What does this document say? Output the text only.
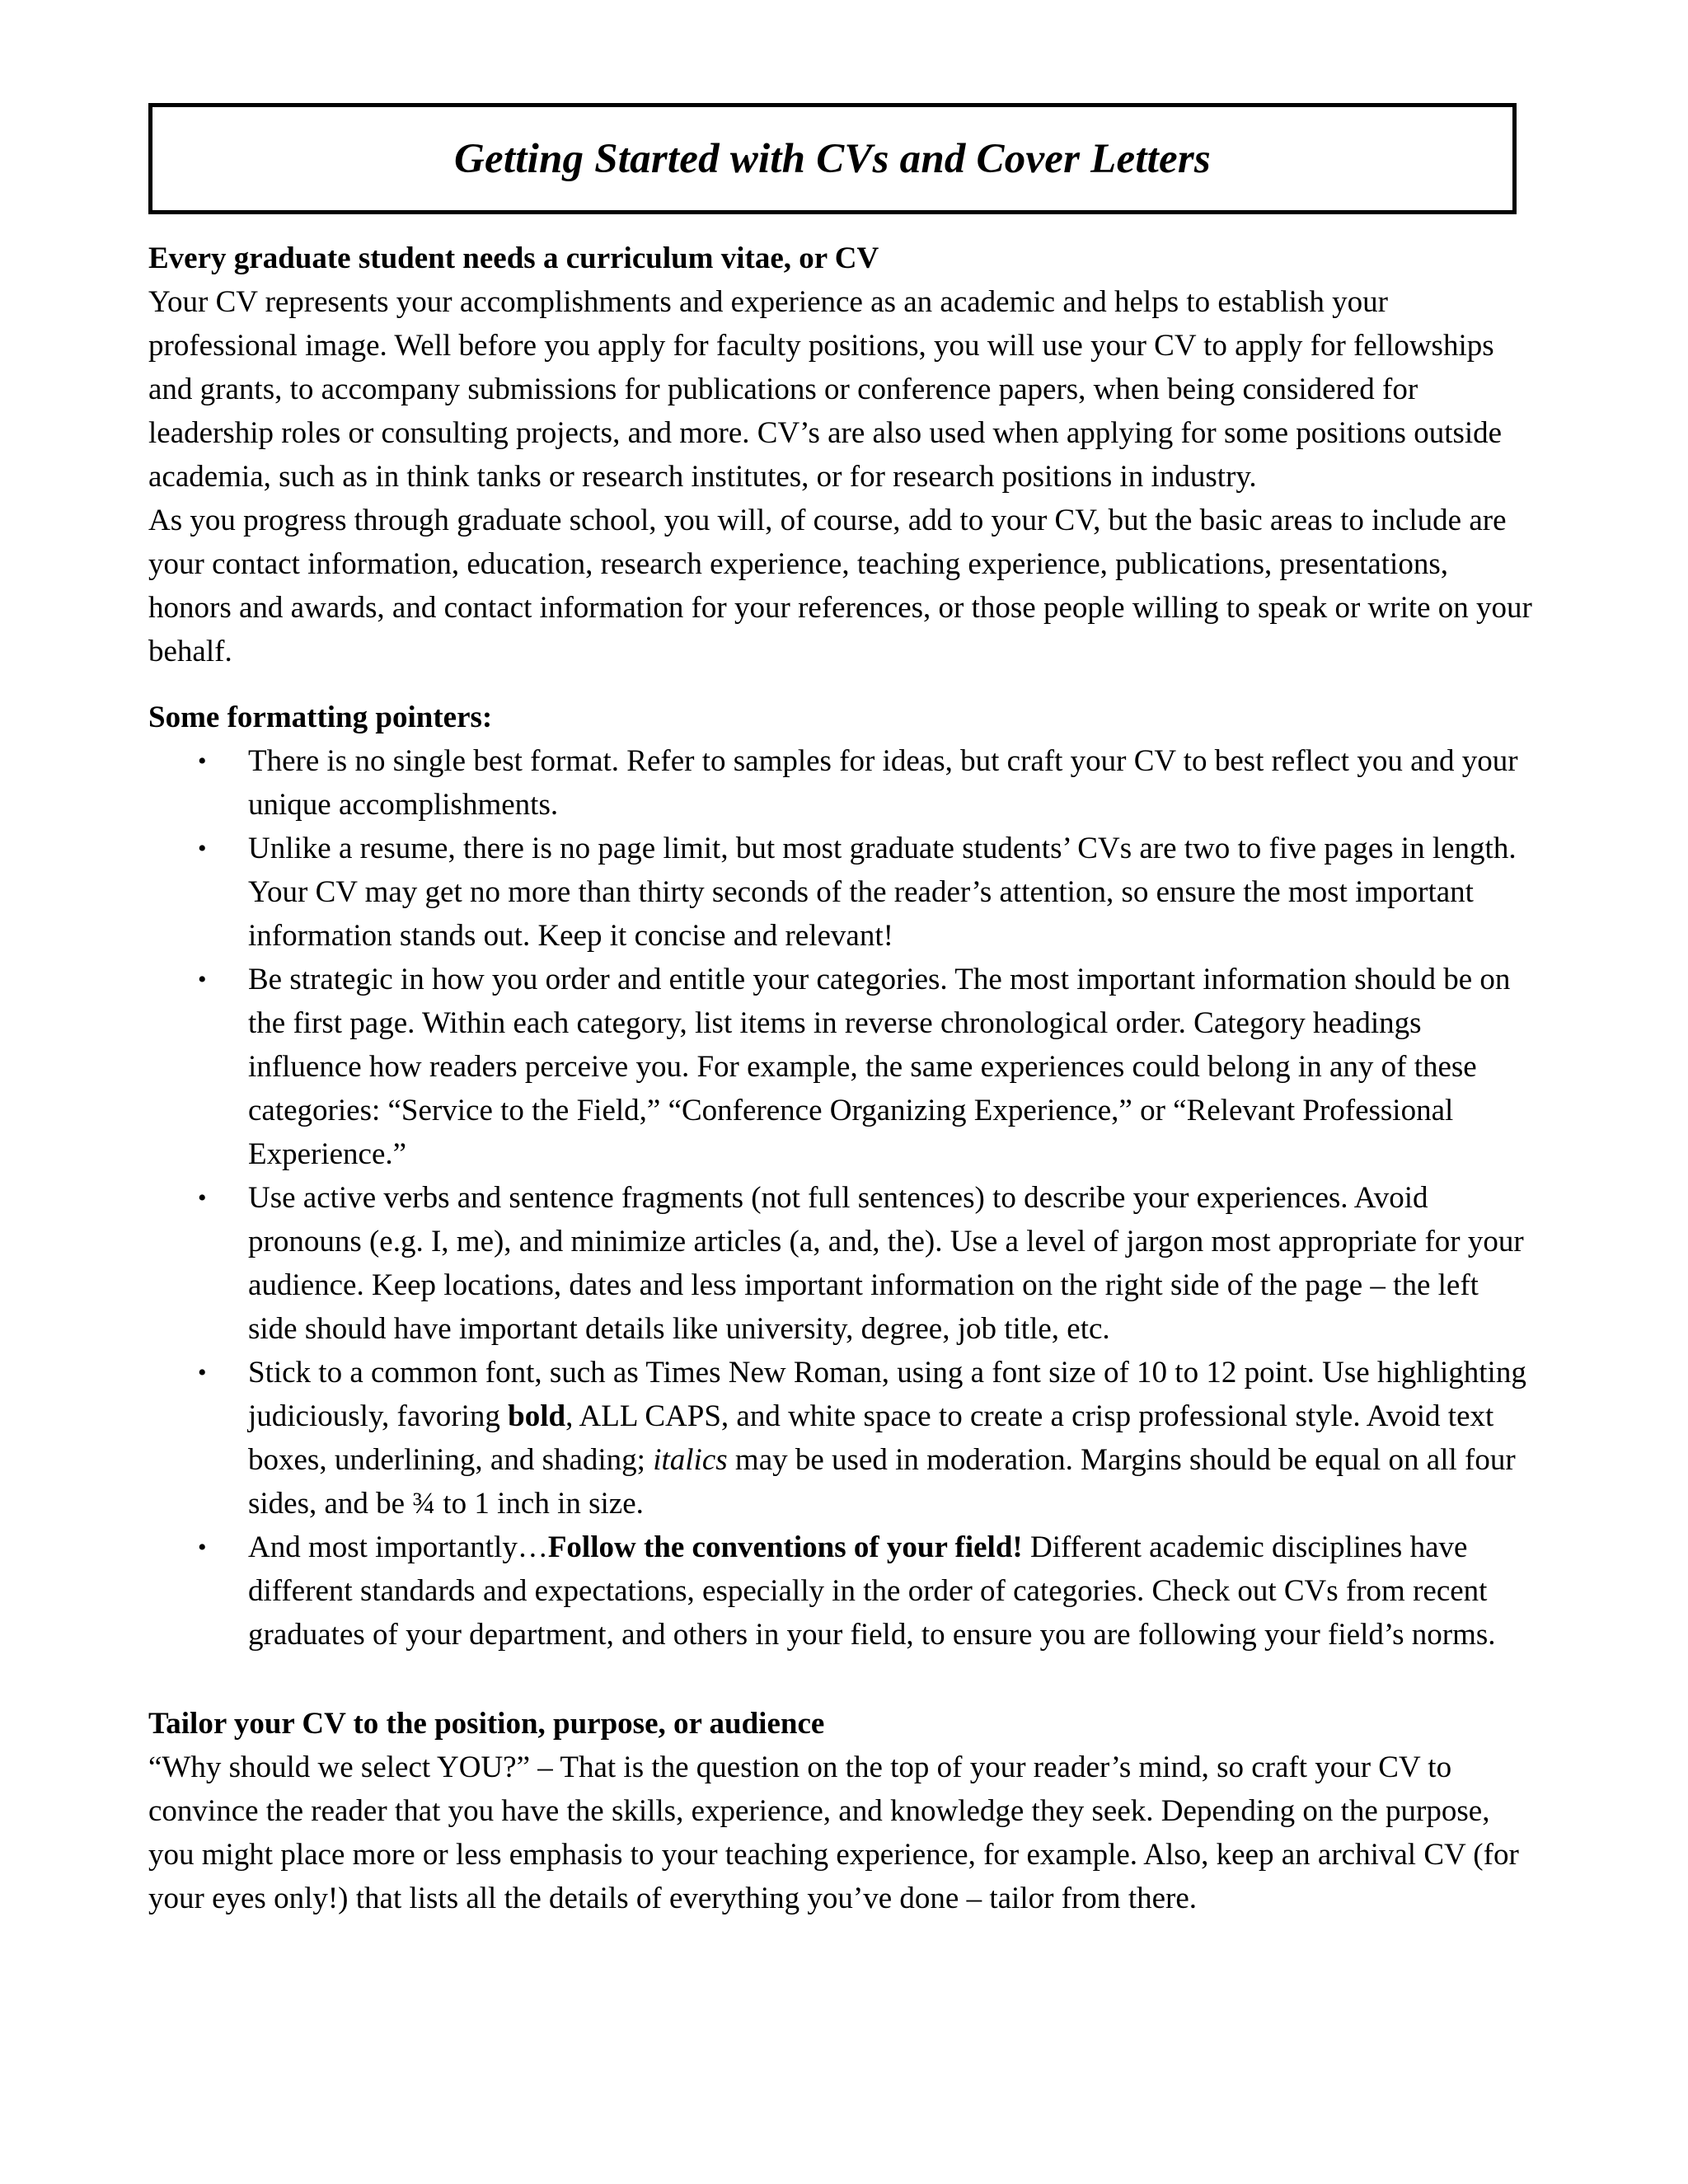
Getting Started with CVs and Cover Letters

Every graduate student needs a curriculum vitae, or CV

Your CV represents your accomplishments and experience as an academic and helps to establish your professional image. Well before you apply for faculty positions, you will use your CV to apply for fellowships and grants, to accompany submissions for publications or conference papers, when being considered for leadership roles or consulting projects, and more. CV’s are also used when applying for some positions outside academia, such as in think tanks or research institutes, or for research positions in industry.

As you progress through graduate school, you will, of course, add to your CV, but the basic areas to include are your contact information, education, research experience, teaching experience, publications, presentations, honors and awards, and contact information for your references, or those people willing to speak or write on your behalf.

Some formatting pointers:

• There is no single best format. Refer to samples for ideas, but craft your CV to best reflect you and your unique accomplishments.
• Unlike a resume, there is no page limit, but most graduate students’ CVs are two to five pages in length. Your CV may get no more than thirty seconds of the reader’s attention, so ensure the most important information stands out. Keep it concise and relevant!
• Be strategic in how you order and entitle your categories. The most important information should be on the first page. Within each category, list items in reverse chronological order. Category headings influence how readers perceive you. For example, the same experiences could belong in any of these categories: “Service to the Field,” “Conference Organizing Experience,” or “Relevant Professional Experience.”
• Use active verbs and sentence fragments (not full sentences) to describe your experiences. Avoid pronouns (e.g. I, me), and minimize articles (a, and, the). Use a level of jargon most appropriate for your audience. Keep locations, dates and less important information on the right side of the page – the left side should have important details like university, degree, job title, etc.
• Stick to a common font, such as Times New Roman, using a font size of 10 to 12 point. Use highlighting judiciously, favoring bold, ALL CAPS, and white space to create a crisp professional style. Avoid text boxes, underlining, and shading; italics may be used in moderation. Margins should be equal on all four sides, and be ¾ to 1 inch in size.
• And most importantly…Follow the conventions of your field! Different academic disciplines have different standards and expectations, especially in the order of categories. Check out CVs from recent graduates of your department, and others in your field, to ensure you are following your field’s norms.

Tailor your CV to the position, purpose, or audience

“Why should we select YOU?” – That is the question on the top of your reader’s mind, so craft your CV to convince the reader that you have the skills, experience, and knowledge they seek. Depending on the purpose, you might place more or less emphasis to your teaching experience, for example. Also, keep an archival CV (for your eyes only!) that lists all the details of everything you’ve done – tailor from there.
